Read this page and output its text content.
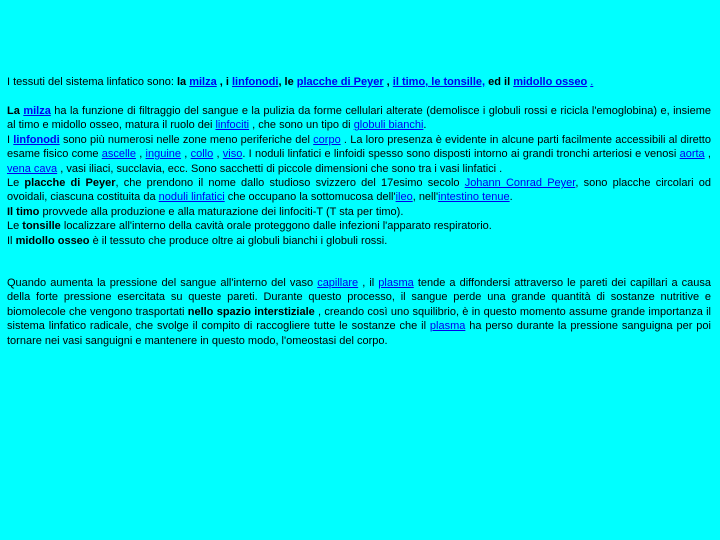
I tessuti del sistema linfatico sono: la milza , i linfonodi, le placche di Peyer , il timo, le tonsille, ed il midollo osseo .

La milza ha la funzione di filtraggio del sangue e la pulizia da forme cellulari alterate (demolisce i globuli rossi e ricicla l'emoglobina) e, insieme al timo e midollo osseo, matura il ruolo dei linfociti , che sono un tipo di globuli bianchi.
I linfonodi sono più numerosi nelle zone meno periferiche del corpo . La loro presenza è evidente in alcune parti facilmente accessibili al diretto esame fisico come ascelle , inguine , collo , viso. I noduli linfatici e linfoidi spesso sono disposti intorno ai grandi tronchi arteriosi e venosi aorta , vena cava , vasi iliaci, succlavia, ecc. Sono sacchetti di piccole dimensioni che sono tra i vasi linfatici .
Le placche di Peyer, che prendono il nome dallo studioso svizzero del 17esimo secolo Johann Conrad Peyer, sono placche circolari od ovoidali, ciascuna costituita da noduli linfatici che occupano la sottomucosa dell'ileo, nell'intestino tenue.
Il timo provvede alla produzione e alla maturazione dei linfociti-T (T sta per timo).
Le tonsille localizzare all'interno della cavità orale proteggono dalle infezioni l'apparato respiratorio.
Il midollo osseo è il tessuto che produce oltre ai globuli bianchi i globuli rossi.

Quando aumenta la pressione del sangue all'interno del vaso capillare , il plasma tende a diffondersi attraverso le pareti dei capillari a causa della forte pressione esercitata su queste pareti. Durante questo processo, il sangue perde una grande quantità di sostanze nutritive e biomolecole che vengono trasportati nello spazio interstiziale , creando così uno squilibrio, è in questo momento assume grande importanza il sistema linfatico radicale, che svolge il compito di raccogliere tutte le sostanze che il plasma ha perso durante la pressione sanguigna per poi tornare nei vasi sanguigni e mantenere in questo modo, l'omeostasi del corpo.
